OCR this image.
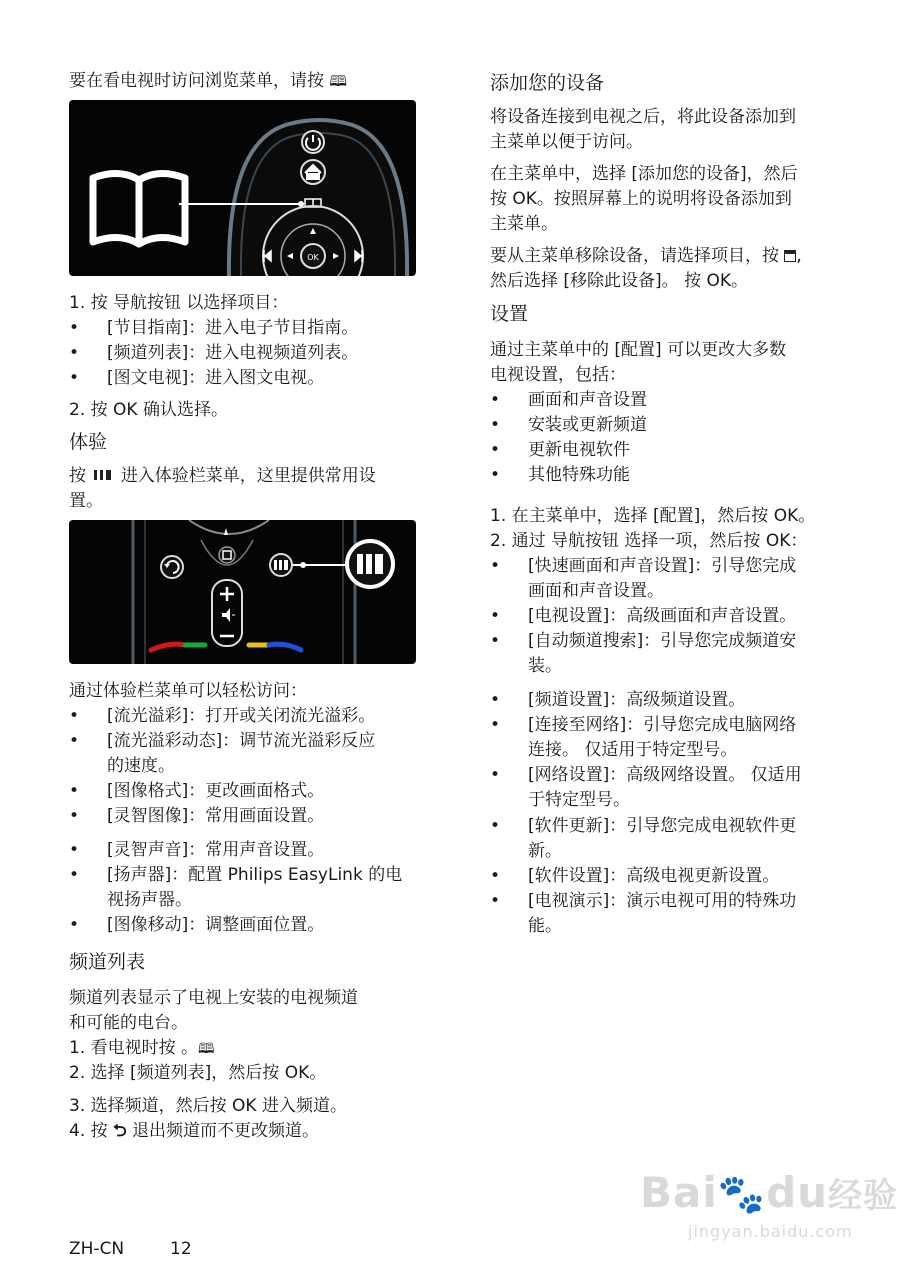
要在看电视时访问浏览菜单，请按 🕮
OK
1. 按 导航按钮 以选择项目：
• [节目指南]：进入电子节目指南。
• [频道列表]：进入电视频道列表。
• [图文电视]：进入图文电视。
2. 按 OK 确认选择。
体验
按 进入体验栏菜单，这里提供常用设
置。
通过体验栏菜单可以轻松访问：
• [流光溢彩]：打开或关闭流光溢彩。
• [流光溢彩动态]：调节流光溢彩反应
的速度。
• [图像格式]：更改画面格式。
• [灵智图像]：常用画面设置。
• [灵智声音]：常用声音设置。
• [扬声器]：配置 Philips EasyLink 的电
视扬声器。
• [图像移动]：调整画面位置。
频道列表
频道列表显示了电视上安装的电视频道
和可能的电台。
1. 看电视时按 。🕮
2. 选择 [频道列表]，然后按 OK。
3. 选择频道，然后按 OK 进入频道。
4. 按 ⮌ 退出频道而不更改频道。
添加您的设备
将设备连接到电视之后，将此设备添加到
主菜单以便于访问。
在主菜单中，选择 [添加您的设备]，然后
按 OK。按照屏幕上的说明将设备添加到
主菜单。
要从主菜单移除设备，请选择项目，按 ,
然后选择 [移除此设备]。 按 OK。
设置
通过主菜单中的 [配置] 可以更改大多数
电视设置，包括：
• 画面和声音设置
• 安装或更新频道
• 更新电视软件
• 其他特殊功能
1. 在主菜单中，选择 [配置]，然后按 OK。
2. 通过 导航按钮 选择一项，然后按 OK：
• [快速画面和声音设置]：引导您完成
画面和声音设置。
• [电视设置]：高级画面和声音设置。
• [自动频道搜索]：引导您完成频道安
装。
• [频道设置]：高级频道设置。
• [连接至网络]：引导您完成电脑网络
连接。 仅适用于特定型号。
• [网络设置]：高级网络设置。 仅适用
于特定型号。
• [软件更新]：引导您完成电视软件更
新。
• [软件设置]：高级电视更新设置。
• [电视演示]：演示电视可用的特殊功
能。
Bai🐾du经验
jingyan.baidu.com
ZH-CN	12
